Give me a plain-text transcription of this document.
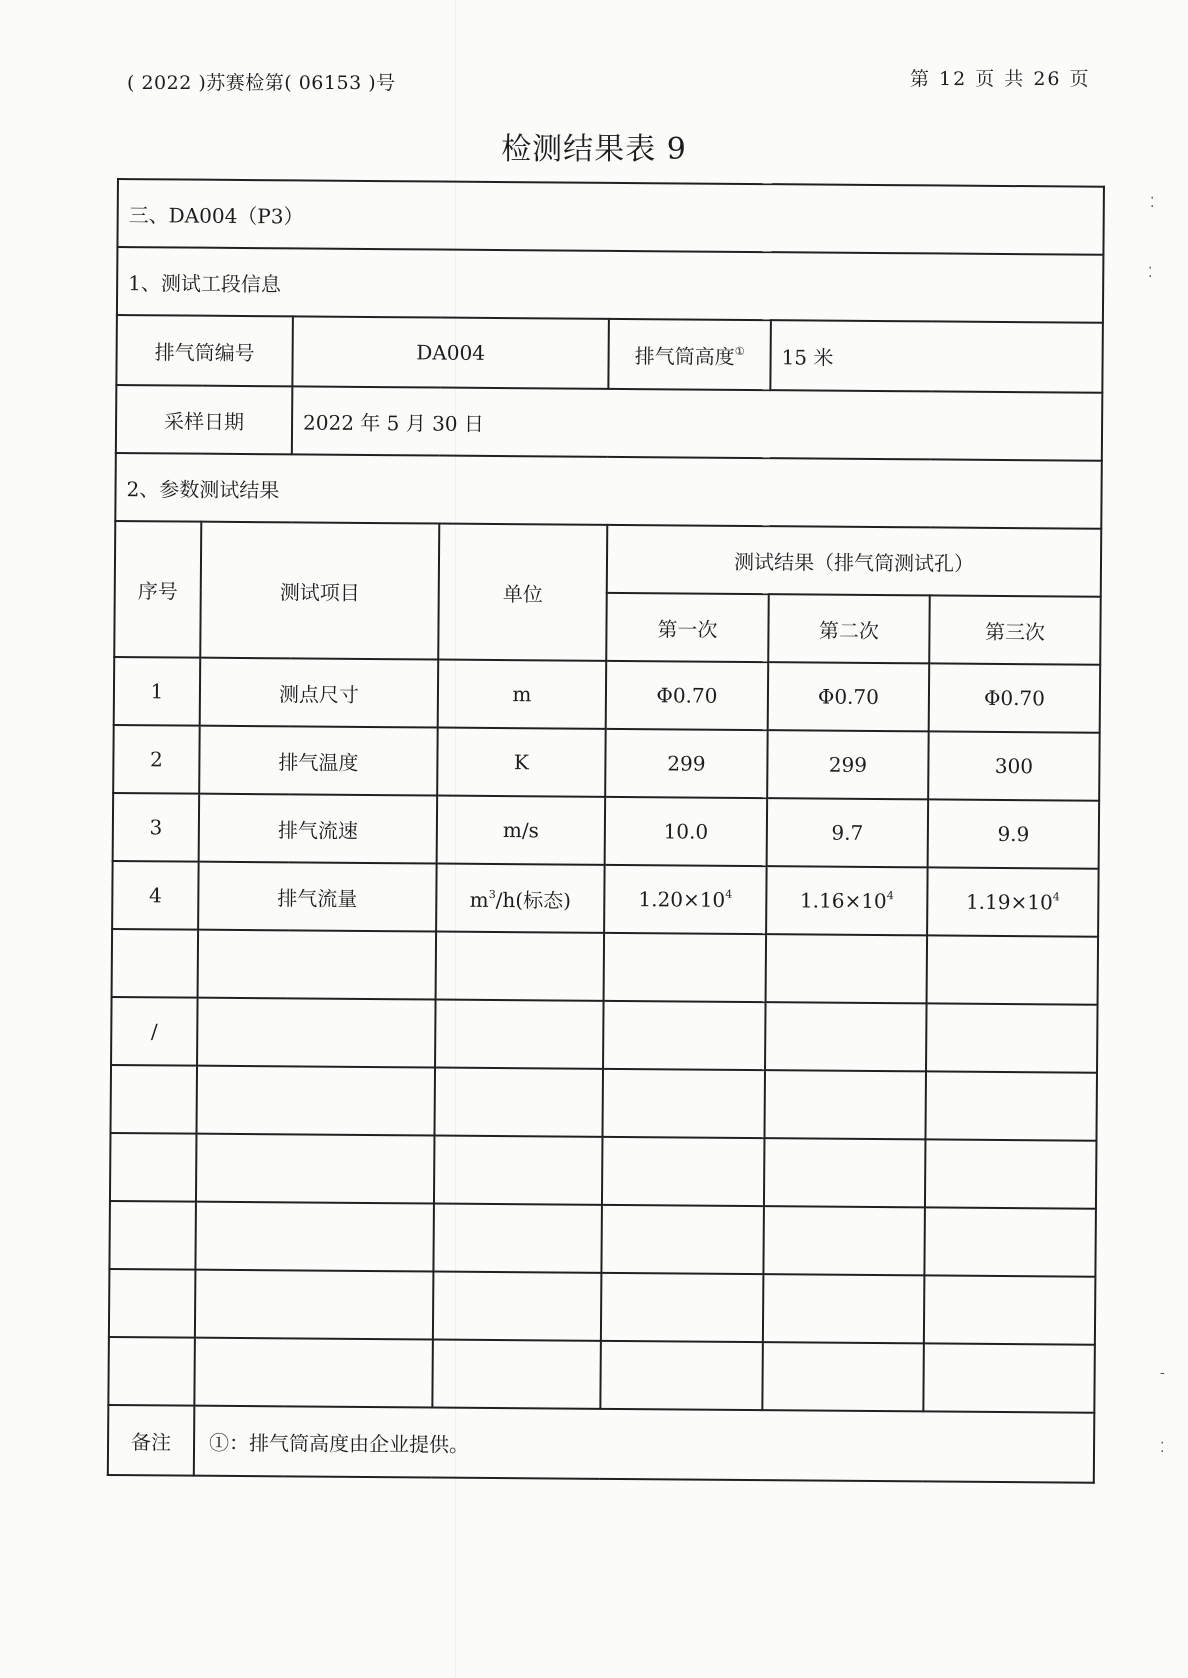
( 2022 )苏赛检第( 06153 )号	第 12 页 共 26 页
检测结果表 9
三、DA004（P3）						
1、测试工段信息						
排气筒编号		DA004		排气筒高度①	15 米	
采样日期		2022 年 5 月 30 日				
2、参数测试结果						
序号	测试项目		单位	测试结果（排气筒测试孔）		
				第一次	第二次	第三次
1	测点尺寸		m	Φ0.70	Φ0.70	Φ0.70
2	排气温度		K	299	299	300
3	排气流速		m/s	10.0	9.7	9.9
4	排气流量		$m^3/h$(标态)	$1.20\times 10^4$	$1.16\times 10^4$	$1.19\times 10^4$

/						

备注	①：排气筒高度由企业提供。					
⁚
⁚
-
⁚
